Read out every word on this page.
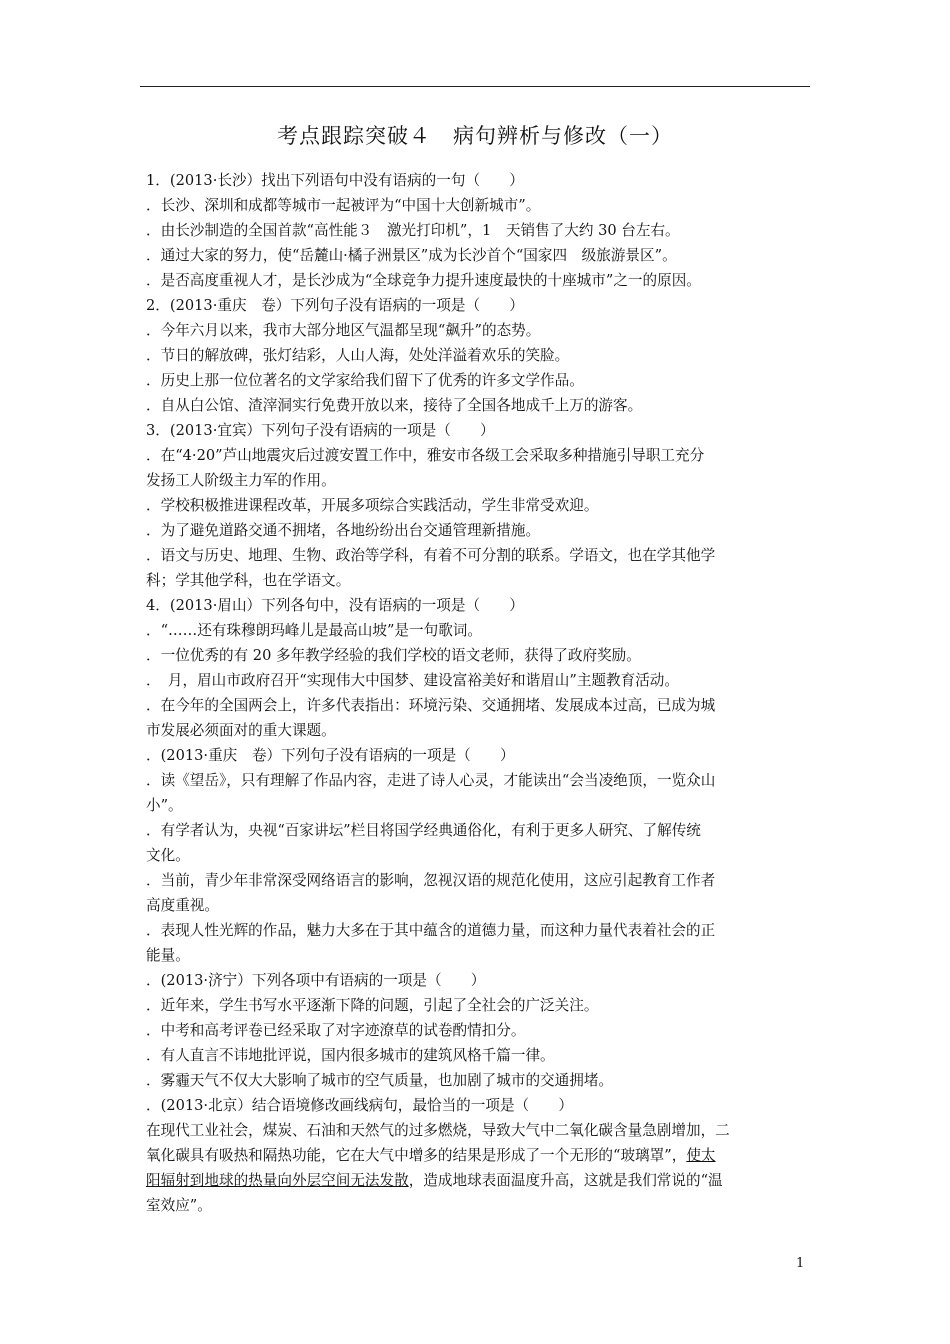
考点跟踪突破４　病句辨析与修改（一）
1．(2013·长沙）找出下列语句中没有语病的一句（　　）
．长沙、深圳和成都等城市一起被评为“中国十大创新城市”。
．由长沙制造的全国首款“高性能３　激光打印机”，1　天销售了大约 30 台左右。
．通过大家的努力，使“岳麓山·橘子洲景区”成为长沙首个“国家四　级旅游景区”。
．是否高度重视人才，是长沙成为“全球竞争力提升速度最快的十座城市”之一的原因。
2．(2013·重庆　卷）下列句子没有语病的一项是（　　）
．今年六月以来，我市大部分地区气温都呈现“飙升”的态势。
．节日的解放碑，张灯结彩，人山人海，处处洋溢着欢乐的笑脸。
．历史上那一位位著名的文学家给我们留下了优秀的许多文学作品。
．自从白公馆、渣滓洞实行免费开放以来，接待了全国各地成千上万的游客。
3．(2013·宜宾）下列句子没有语病的一项是（　　）
．在“4·20”芦山地震灾后过渡安置工作中，雅安市各级工会采取多种措施引导职工充分
发扬工人阶级主力军的作用。
．学校积极推进课程改革，开展多项综合实践活动，学生非常受欢迎。
．为了避免道路交通不拥堵，各地纷纷出台交通管理新措施。
．语文与历史、地理、生物、政治等学科，有着不可分割的联系。学语文，也在学其他学
科；学其他学科，也在学语文。
4．(2013·眉山）下列各句中，没有语病的一项是（　　）
．“……还有珠穆朗玛峰儿是最高山坡”是一句歌词。
．一位优秀的有 20 多年教学经验的我们学校的语文老师，获得了政府奖励。
．　月，眉山市政府召开“实现伟大中国梦、建设富裕美好和谐眉山”主题教育活动。
．在今年的全国两会上，许多代表指出：环境污染、交通拥堵、发展成本过高，已成为城
市发展必须面对的重大课题。
．(2013·重庆　卷）下列句子没有语病的一项是（　　）
．读《望岳》，只有理解了作品内容，走进了诗人心灵，才能读出“会当凌绝顶，一览众山
小”。
．有学者认为，央视“百家讲坛”栏目将国学经典通俗化，有利于更多人研究、了解传统
文化。
．当前，青少年非常深受网络语言的影响，忽视汉语的规范化使用，这应引起教育工作者
高度重视。
．表现人性光辉的作品，魅力大多在于其中蕴含的道德力量，而这种力量代表着社会的正
能量。
．(2013·济宁）下列各项中有语病的一项是（　　）
．近年来，学生书写水平逐渐下降的问题，引起了全社会的广泛关注。
．中考和高考评卷已经采取了对字迹潦草的试卷酌情扣分。
．有人直言不讳地批评说，国内很多城市的建筑风格千篇一律。
．雾霾天气不仅大大影响了城市的空气质量，也加剧了城市的交通拥堵。
．(2013·北京）结合语境修改画线病句，最恰当的一项是（　　）
在现代工业社会，煤炭、石油和天然气的过多燃烧，导致大气中二氧化碳含量急剧增加，二
氧化碳具有吸热和隔热功能，它在大气中增多的结果是形成了一个无形的“玻璃罩”，使太
阳辐射到地球的热量向外层空间无法发散，造成地球表面温度升高，这就是我们常说的“温
室效应”。
1
